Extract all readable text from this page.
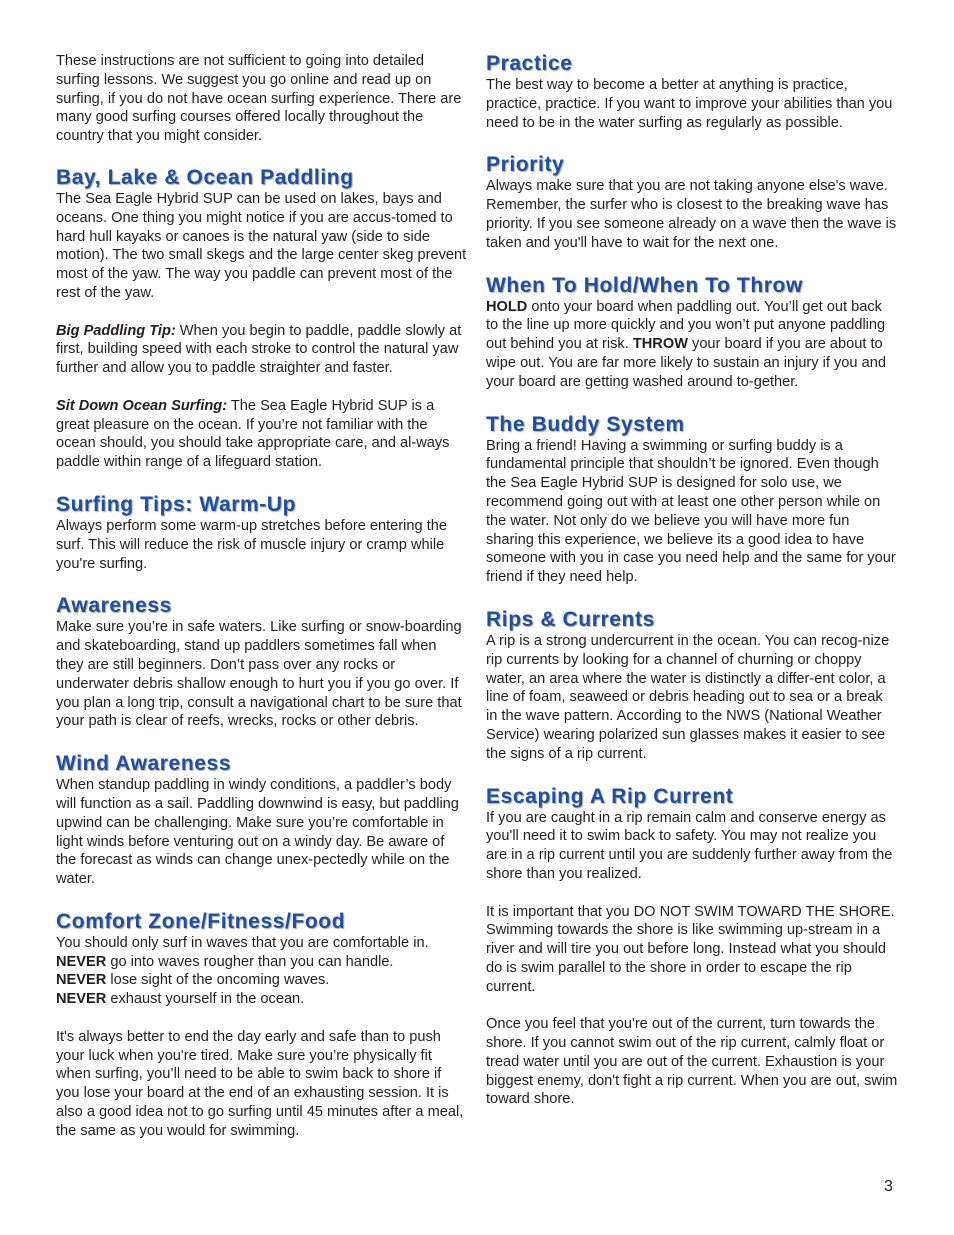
These instructions are not sufficient to going into detailed surfing lessons. We suggest you go online and read up on surfing, if you do not have ocean surfing experience. There are many good surfing courses offered locally throughout the country that you might consider.

Bay, Lake & Ocean Paddling

The Sea Eagle Hybrid SUP can be used on lakes, bays and oceans. One thing you might notice if you are accus-tomed to hard hull kayaks or canoes is the natural yaw (side to side motion). The two small skegs and the large center skeg prevent most of the yaw. The way you paddle can prevent most of the rest of the yaw.

Big Paddling Tip: When you begin to paddle, paddle slowly at first, building speed with each stroke to control the natural yaw further and allow you to paddle straighter and faster.

Sit Down Ocean Surfing: The Sea Eagle Hybrid SUP is a great pleasure on the ocean. If you’re not familiar with the ocean should, you should take appropriate care, and al-ways paddle within range of a lifeguard station.

Surfing Tips: Warm-Up

Always perform some warm-up stretches before entering the surf. This will reduce the risk of muscle injury or cramp while you're surfing.

Awareness

Make sure you’re in safe waters. Like surfing or snow-boarding and skateboarding, stand up paddlers sometimes fall when they are still beginners. Don’t pass over any rocks or underwater debris shallow enough to hurt you if you go over. If you plan a long trip, consult a navigational chart to be sure that your path is clear of reefs, wrecks, rocks or other debris.

Wind Awareness

When standup paddling in windy conditions, a paddler’s body will function as a sail. Paddling downwind is easy, but paddling upwind can be challenging. Make sure you’re comfortable in light winds before venturing out on a windy day. Be aware of the forecast as winds can change unex-pectedly while on the water.

Comfort Zone/Fitness/Food

You should only surf in waves that you are comfortable in.
NEVER go into waves rougher than you can handle.
NEVER lose sight of the oncoming waves.
NEVER exhaust yourself in the ocean.

It's always better to end the day early and safe than to push your luck when you're tired. Make sure you’re physically fit when surfing, you’ll need to be able to swim back to shore if you lose your board at the end of an exhausting session. It is also a good idea not to go surfing until 45 minutes after a meal, the same as you would for swimming.

Practice

The best way to become a better at anything is practice, practice, practice. If you want to improve your abilities than you need to be in the water surfing as regularly as possible.

Priority

Always make sure that you are not taking anyone else's wave. Remember, the surfer who is closest to the breaking wave has priority. If you see someone already on a wave then the wave is taken and you'll have to wait for the next one.

When To Hold/When To Throw

HOLD onto your board when paddling out. You’ll get out back to the line up more quickly and you won’t put anyone paddling out behind you at risk. THROW your board if you are about to wipe out. You are far more likely to sustain an injury if you and your board are getting washed around to-gether.

The Buddy System

Bring a friend! Having a swimming or surfing buddy is a fundamental principle that shouldn’t be ignored. Even though the Sea Eagle Hybrid SUP is designed for solo use, we recommend going out with at least one other person while on the water. Not only do we believe you will have more fun sharing this experience, we believe its a good idea to have someone with you in case you need help and the same for your friend if they need help.

Rips & Currents

A rip is a strong undercurrent in the ocean. You can recog-nize rip currents by looking for a channel of churning or choppy water, an area where the water is distinctly a differ-ent color, a line of foam, seaweed or debris heading out to sea or a break in the wave pattern. According to the NWS (National Weather Service) wearing polarized sun glasses makes it easier to see the signs of a rip current.

Escaping A Rip Current

If you are caught in a rip remain calm and conserve energy as you'll need it to swim back to safety. You may not realize you are in a rip current until you are suddenly further away from the shore than you realized.

It is important that you DO NOT SWIM TOWARD THE SHORE. Swimming towards the shore is like swimming up-stream in a river and will tire you out before long. Instead what you should do is swim parallel to the shore in order to escape the rip current.

Once you feel that you're out of the current, turn towards the shore. If you cannot swim out of the rip current, calmly float or tread water until you are out of the current. Exhaustion is your biggest enemy, don't fight a rip current. When you are out, swim toward shore.

3
